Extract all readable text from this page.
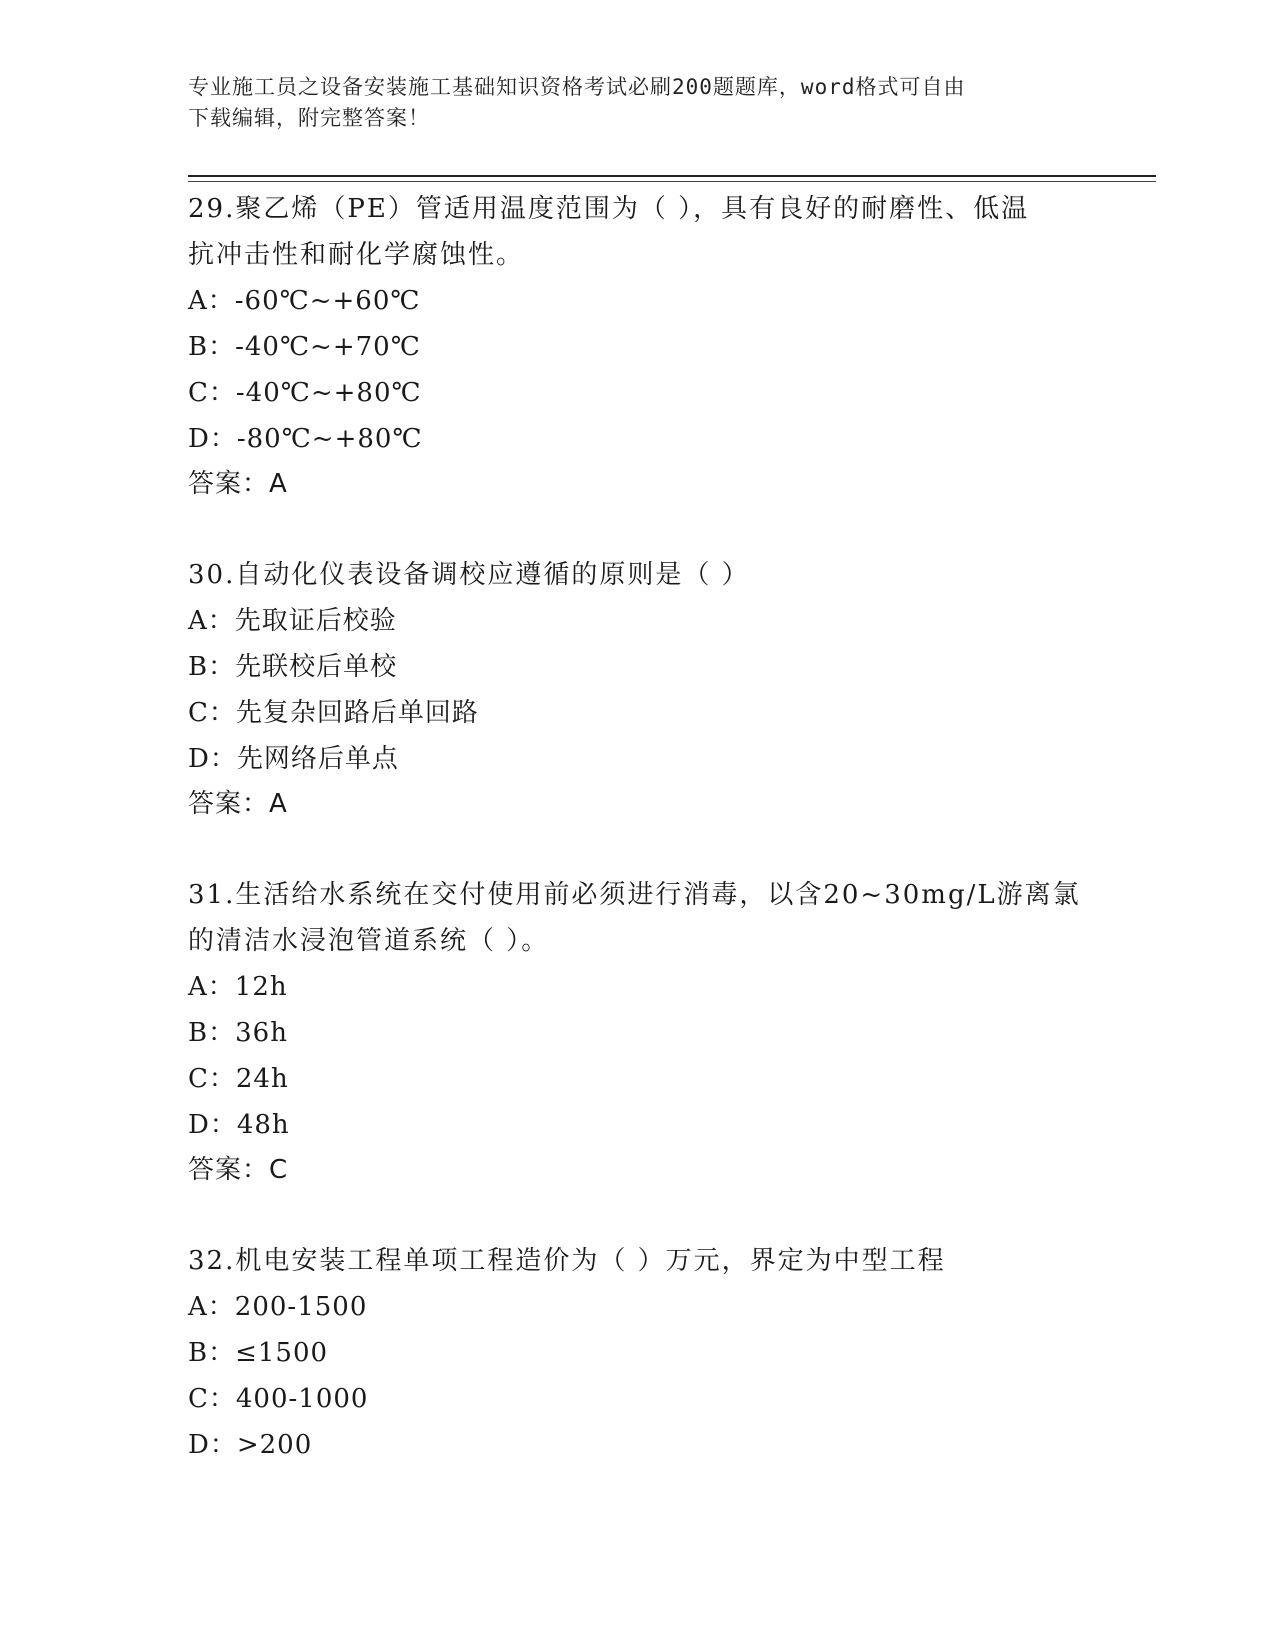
专业施工员之设备安装施工基础知识资格考试必刷200题题库，word格式可自由
下载编辑，附完整答案！

29.聚乙烯（PE）管适用温度范围为（ ），具有良好的耐磨性、低温
抗冲击性和耐化学腐蚀性。

A：-60℃~+60℃

B：-40℃~+70℃

C：-40℃~+80℃

D：-80℃~+80℃

答案：A

30.自动化仪表设备调校应遵循的原则是（ ）

A：先取证后校验

B：先联校后单校

C：先复杂回路后单回路

D：先网络后单点

答案：A

31.生活给水系统在交付使用前必须进行消毒，以含20~30mg/L游离氯
的清洁水浸泡管道系统（ ）。

A：12h

B：36h

C：24h

D：48h

答案：C

32.机电安装工程单项工程造价为（ ）万元，界定为中型工程

A：200-1500

B：≤1500

C：400-1000

D：>200
